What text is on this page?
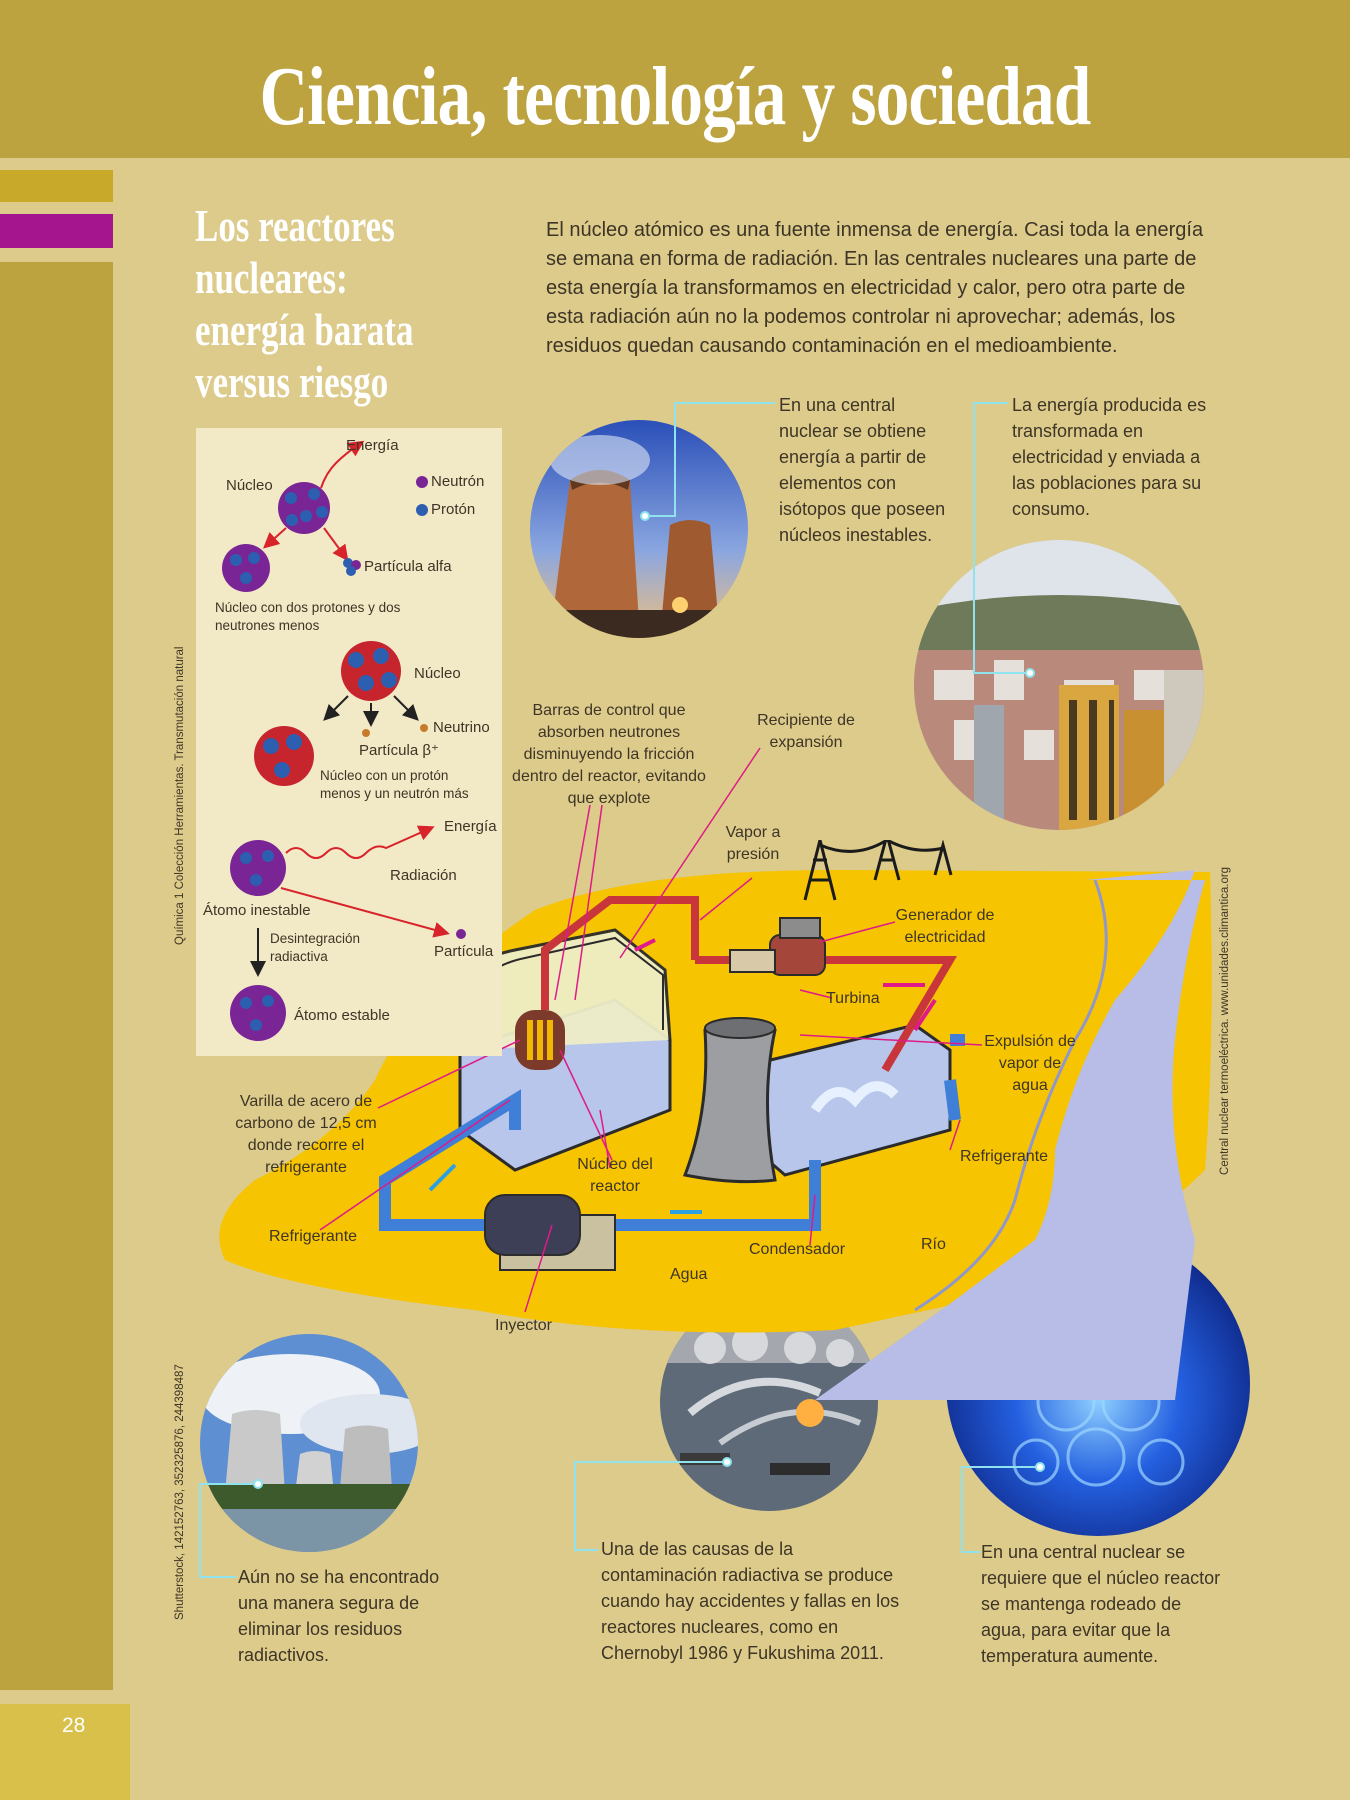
Ciencia, tecnología y sociedad
28
Los reactores nucleares: energía barata versus riesgo
El núcleo atómico es una fuente inmensa de energía. Casi toda la energía se emana en forma de radiación. En las centrales nucleares una parte de esta energía la transformamos en electricidad y calor, pero otra parte de esta radiación aún no la podemos controlar ni aprovechar; además, los residuos quedan causando contaminación en el medioambiente.
En una central nuclear se obtiene energía a partir de elementos con isótopos que poseen núcleos inestables.
La energía producida es transformada en electricidad y enviada a las poblaciones para su consumo.
Aún no se ha encontrado una manera segura de eliminar los residuos radiactivos.
Una de las causas de la contaminación radiactiva se produce cuando hay accidentes y fallas en los reactores nucleares, como en Chernobyl 1986 y Fukushima 2011.
En una central nuclear se requiere que el núcleo reactor se mantenga rodeado de agua, para evitar que la temperatura aumente.
Energía
Núcleo	Neutrón
Protón
Partícula alfa
Núcleo con dos protones y dos neutrones menos
Núcleo
Neutrino
Partícula β⁺
Núcleo con un protón menos y un neutrón más
Energía
Radiación
Átomo inestable
Desintegración radiactiva	Partícula
Átomo estable
Barras de control que absorben neutrones disminuyendo la fricción dentro del reactor, evitando que explote
Recipiente de expansión
Vapor a presión
Generador de electricidad
Turbina
Expulsión de vapor de agua
Varilla de acero de carbono de 12,5 cm donde recorre el refrigerante
Refrigerante
Núcleo del reactor
Refrigerante
Condensador
Agua
Río
Inyector
Química 1 Colección Herramientas. Transmutación natural
Central nuclear termoeléctrica. www.unidades.climantica.org
Shutterstock, 142152763, 352325876, 244398487
